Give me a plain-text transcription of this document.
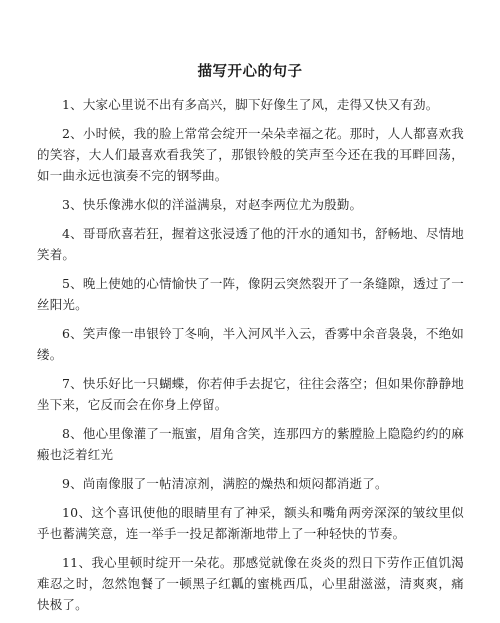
描写开心的句子

1、大家心里说不出有多高兴，脚下好像生了风，走得又快又有劲。

2、小时候，我的脸上常常会绽开一朵朵幸福之花。那时，人人都喜欢我的笑容，大人们最喜欢看我笑了，那银铃般的笑声至今还在我的耳畔回荡，如一曲永远也演奏不完的钢琴曲。

3、快乐像沸水似的洋溢满泉，对赵李两位尤为殷勤。

4、哥哥欣喜若狂，握着这张浸透了他的汗水的通知书，舒畅地、尽情地笑着。

5、晚上使她的心情愉快了一阵，像阴云突然裂开了一条缝隙，透过了一丝阳光。

6、笑声像一串银铃丁冬响，半入河风半入云，香雾中余音袅袅，不绝如 缕。

7、快乐好比一只蝴蝶，你若伸手去捉它，往往会落空；但如果你静静地坐下来，它反而会在你身上停留。

8、他心里像灌了一瓶蜜，眉角含笑，连那四方的紫膛脸上隐隐约约的麻瘢也泛着红光

9、尚南像服了一帖清凉剂，满腔的燥热和烦闷都消逝了。

10、这个喜讯使他的眼睛里有了神采，额头和嘴角两旁深深的皱纹里似乎也蓄满笑意，连一举手一投足都渐渐地带上了一种轻快的节奏。

11、我心里顿时绽开一朵花。那感觉就像在炎炎的烈日下劳作正值饥渴难忍之时，忽然饱餐了一顿黑子红瓤的蜜桃西瓜，心里甜滋滋，清爽爽，痛快极了。
